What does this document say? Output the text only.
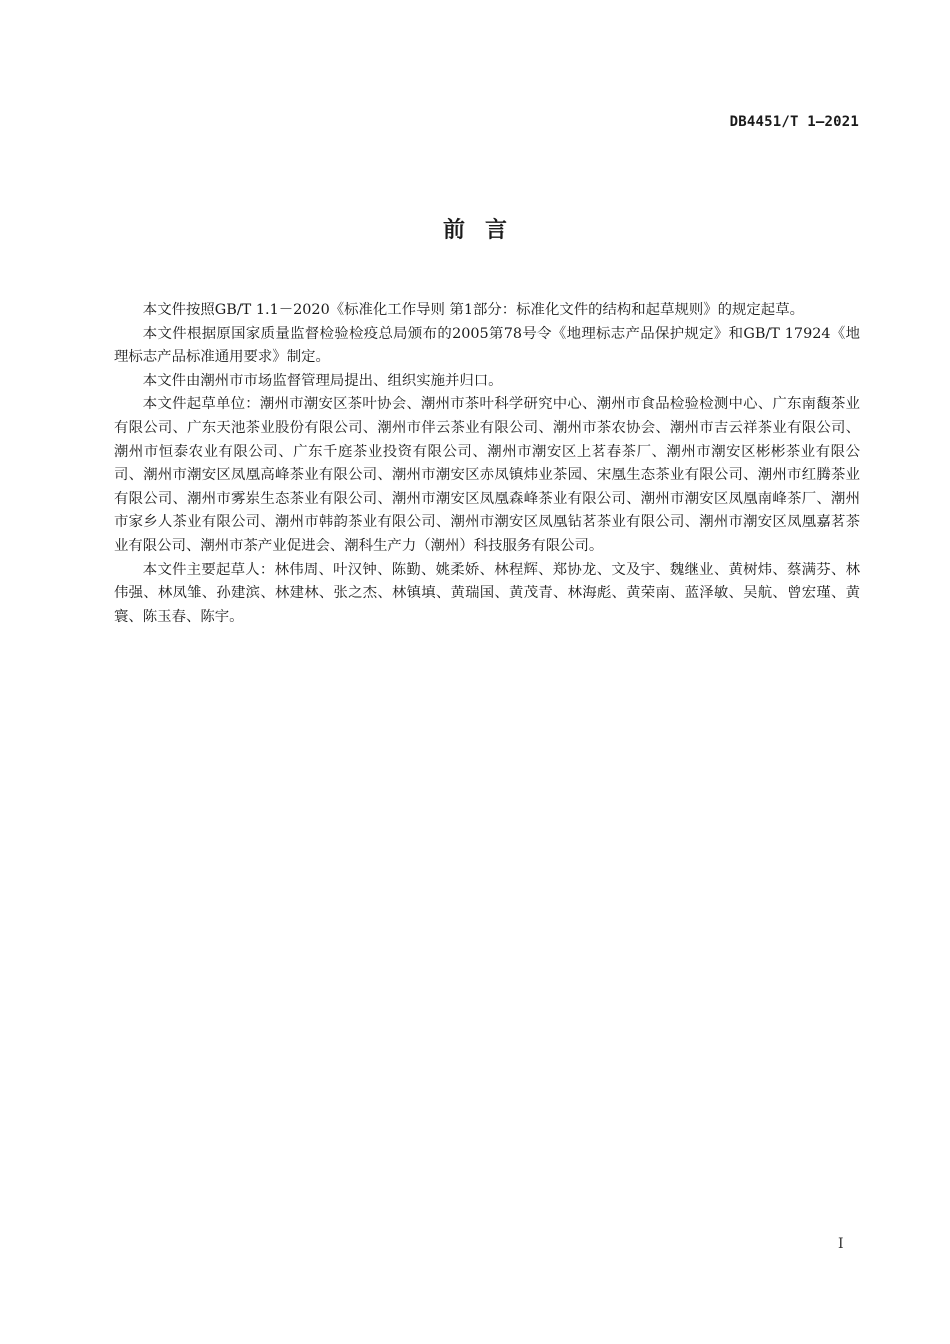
DB4451/T 1—2021
前言

本文件按照GB/T 1.1－2020《标准化工作导则 第1部分：标准化文件的结构和起草规则》的规定起草。

本文件根据原国家质量监督检验检疫总局颁布的2005第78号令《地理标志产品保护规定》和GB/T 17924《地理标志产品标准通用要求》制定。

本文件由潮州市市场监督管理局提出、组织实施并归口。

本文件起草单位：潮州市潮安区茶叶协会、潮州市茶叶科学研究中心、潮州市食品检验检测中心、广东南馥茶业有限公司、广东天池茶业股份有限公司、潮州市伴云茶业有限公司、潮州市茶农协会、潮州市吉云祥茶业有限公司、潮州市恒泰农业有限公司、广东千庭茶业投资有限公司、潮州市潮安区上茗春茶厂、潮州市潮安区彬彬茶业有限公司、潮州市潮安区凤凰高峰茶业有限公司、潮州市潮安区赤凤镇炜业茶园、宋凰生态茶业有限公司、潮州市红腾茶业有限公司、潮州市雾岽生态茶业有限公司、潮州市潮安区凤凰森峰茶业有限公司、潮州市潮安区凤凰南峰茶厂、潮州市家乡人茶业有限公司、潮州市韩韵茶业有限公司、潮州市潮安区凤凰钻茗茶业有限公司、潮州市潮安区凤凰嘉茗茶业有限公司、潮州市茶产业促进会、潮科生产力（潮州）科技服务有限公司。

本文件主要起草人：林伟周、叶汉钟、陈勤、姚柔娇、林程辉、郑协龙、文及宇、魏继业、黄树炜、蔡满芬、林伟强、林凤雏、孙建滨、林建林、张之杰、林镇填、黄瑞国、黄茂青、林海彪、黄荣南、蓝泽敏、吴航、曾宏瑾、黄寰、陈玉春、陈宇。

I
